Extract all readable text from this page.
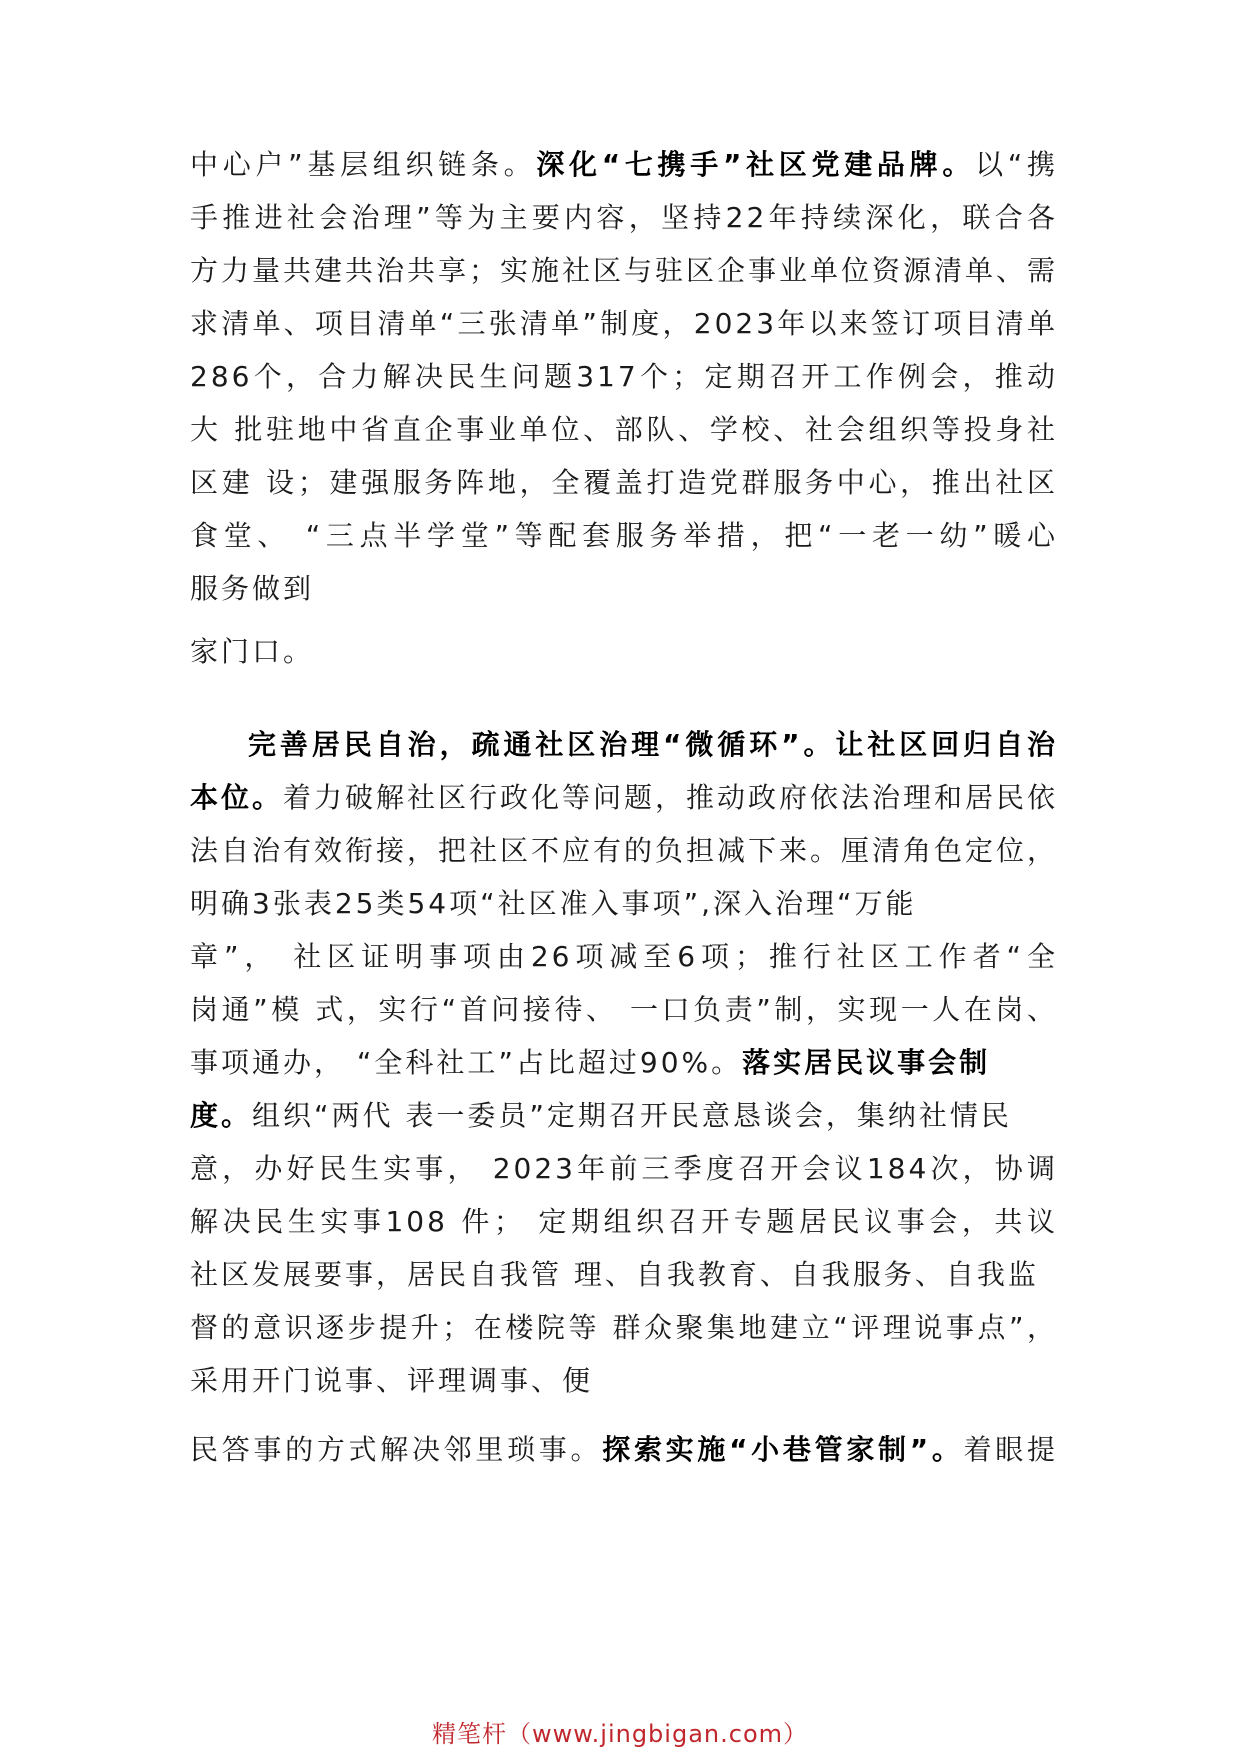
中心户”基层组织链条。深化“七携手”社区党建品牌。以“携
手推进社会治理”等为主要内容，坚持22年持续深化，联合各
方力量共建共治共享；实施社区与驻区企事业单位资源清单、需
求清单、项目清单“三张清单”制度，2023年以来签订项目清单
286个，合力解决民生问题317个；定期召开工作例会，推动
大 批驻地中省直企事业单位、部队、学校、社会组织等投身社
区建 设；建强服务阵地，全覆盖打造党群服务中心，推出社区
食堂、 “三点半学堂”等配套服务举措，把“一老一幼”暖心
服务做到
家门口。
完善居民自治，疏通社区治理“微循环”。让社区回归自治
本位。着力破解社区行政化等问题，推动政府依法治理和居民依
法自治有效衔接，把社区不应有的负担减下来。厘清角色定位，
明确3张表25类54项“社区准入事项”,深入治理“万能
章”， 社区证明事项由26项减至6项；推行社区工作者“全
岗通”模 式，实行“首问接待、 一口负责”制，实现一人在岗、
事项通办， “全科社工”占比超过90%。落实居民议事会制
度。组织“两代 表一委员”定期召开民意恳谈会，集纳社情民
意，办好民生实事， 2023年前三季度召开会议184次，协调
解决民生实事108 件； 定期组织召开专题居民议事会，共议
社区发展要事，居民自我管 理、自我教育、自我服务、自我监
督的意识逐步提升；在楼院等 群众聚集地建立“评理说事点”，
采用开门说事、评理调事、便
民答事的方式解决邻里琐事。探索实施“小巷管家制”。着眼提
精笔杆（www.jingbigan.com）
